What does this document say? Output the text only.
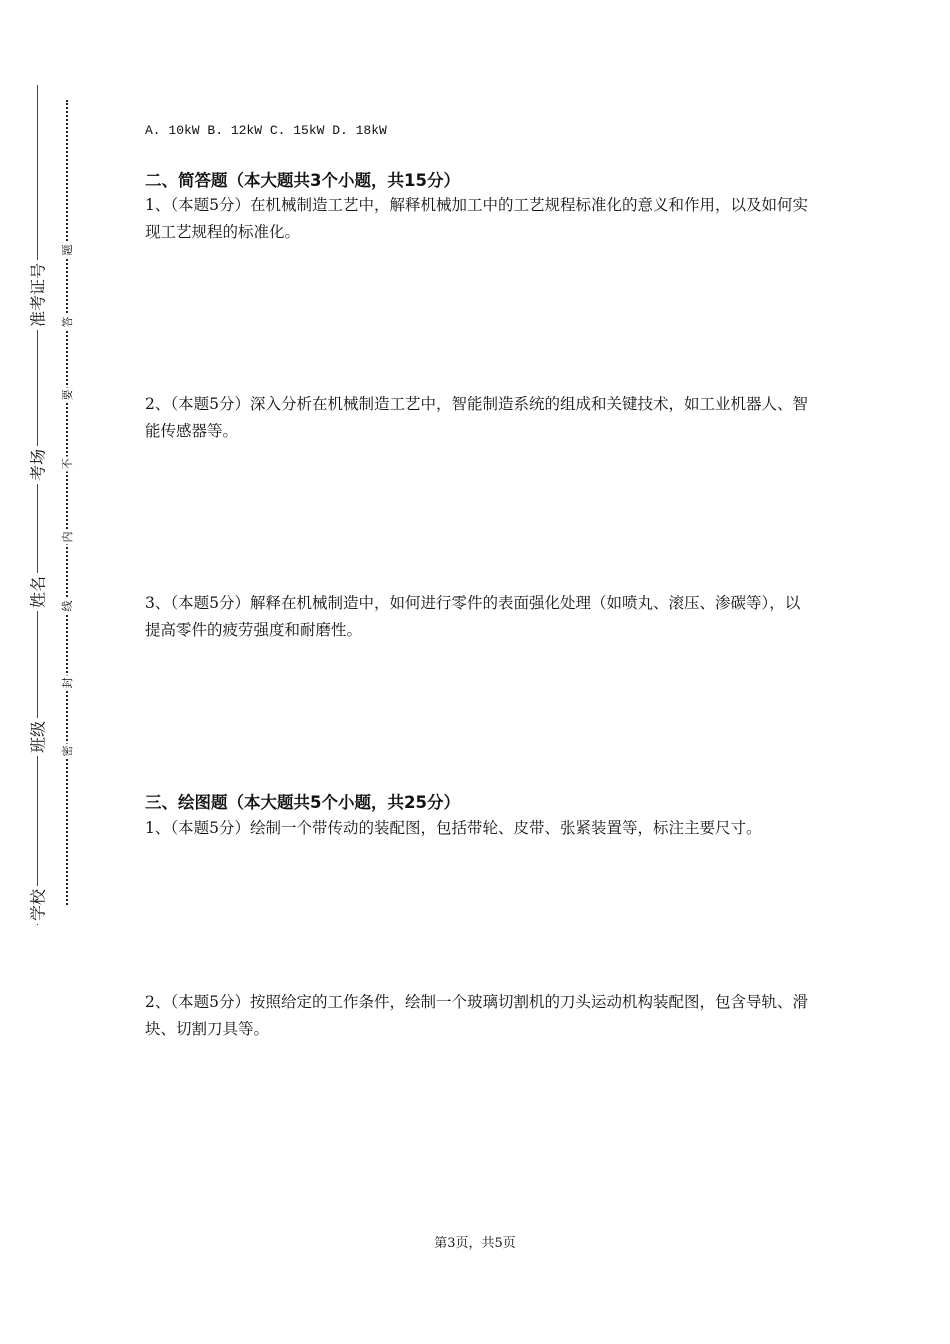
准考证号
考场
姓名
班级
学校
题
答
要
不
内
线
封
密
A. 10kW B. 12kW C. 15kW D. 18kW
二、简答题（本大题共3个小题，共15分）
1、（本题5分）在机械制造工艺中，解释机械加工中的工艺规程标准化的意义和作用，以及如何实现工艺规程的标准化。
2、（本题5分）深入分析在机械制造工艺中，智能制造系统的组成和关键技术，如工业机器人、智能传感器等。
3、（本题5分）解释在机械制造中，如何进行零件的表面强化处理（如喷丸、滚压、渗碳等），以提高零件的疲劳强度和耐磨性。
三、绘图题（本大题共5个小题，共25分）
1、（本题5分）绘制一个带传动的装配图，包括带轮、皮带、张紧装置等，标注主要尺寸。
2、（本题5分）按照给定的工作条件，绘制一个玻璃切割机的刀头运动机构装配图，包含导轨、滑块、切割刀具等。
第3页，共5页
